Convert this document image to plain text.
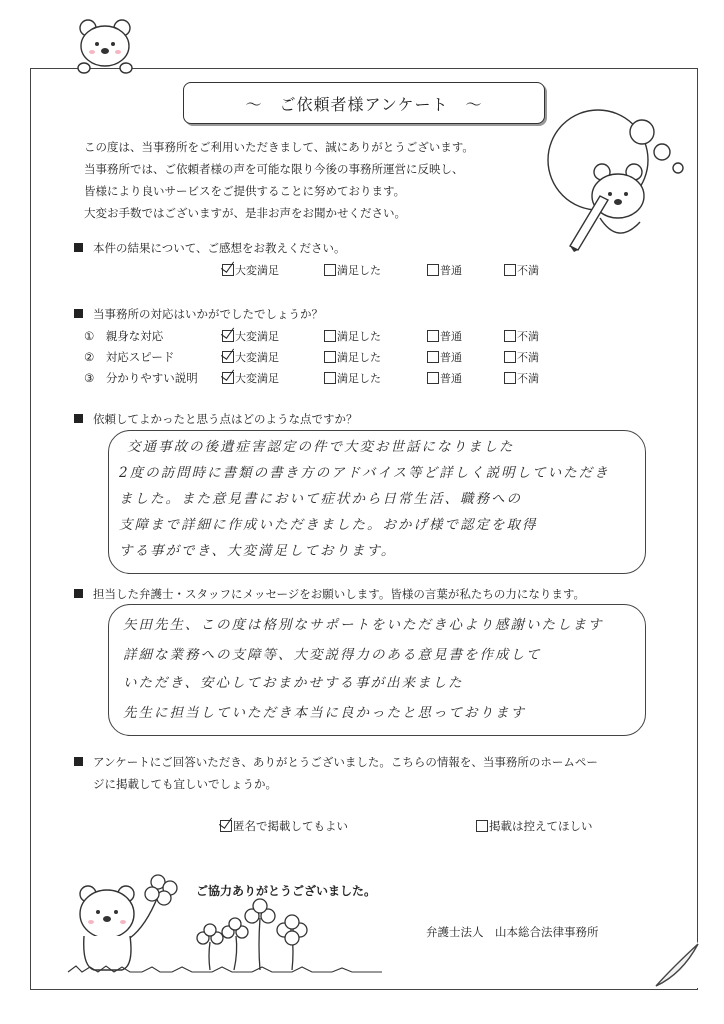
～　ご依頼者様アンケート　～
この度は、当事務所をご利用いただきまして、誠にありがとうございます。
当事務所では、ご依頼者様の声を可能な限り今後の事務所運営に反映し、
皆様により良いサービスをご提供することに努めております。
大変お手数ではございますが、是非お声をお聞かせください。
本件の結果について、ご感想をお教えください。
大変満足	満足した	普通	不満
当事務所の対応はいかがでしたでしょうか？
①　 親身な対応	大変満足	満足した	普通	不満
②　 対応スピード	大変満足	満足した	普通	不満
③　 分かりやすい説明	大変満足	満足した	普通	不満
依頼してよかったと思う点はどのような点ですか？
交通事故の後遺症害認定の件で大変お世話になりました
2度の訪問時に書類の書き方のアドバイス等ど詳しく説明していただき
ました。また意見書において症状から日常生活、職務への
支障まで詳細に作成いただきました。おかげ様で認定を取得
する事ができ、大変満足しております。
担当した弁護士・スタッフにメッセージをお願いします。皆様の言葉が私たちの力になります。
矢田先生、この度は格別なサポートをいただき心より感謝いたします
詳細な業務への支障等、大変説得力のある意見書を作成して
いただき、安心しておまかせする事が出来ました
先生に担当していただき本当に良かったと思っております
アンケートにご回答いただき、ありがとうございました。こちらの情報を、当事務所のホームペー
ジに掲載しても宜しいでしょうか。
匿名で掲載してもよい	掲載は控えてほしい
ご協力ありがとうございました。
弁護士法人　山本総合法律事務所
